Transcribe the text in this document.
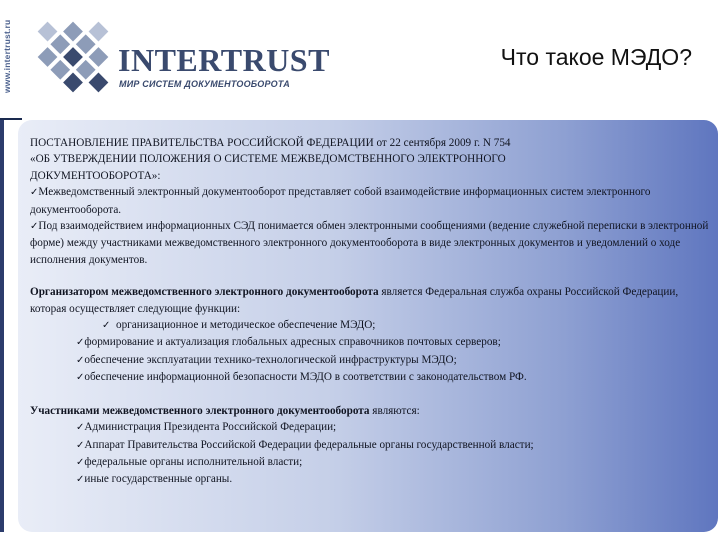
www.intertrust.ru	INTERTRUST
МИР СИСТЕМ ДОКУМЕНТООБОРОТА
Что такое МЭДО?

ПОСТАНОВЛЕНИЕ ПРАВИТЕЛЬСТВА РОССИЙСКОЙ ФЕДЕРАЦИИ от 22 сентября 2009 г. N 754

«ОБ УТВЕРЖДЕНИИ ПОЛОЖЕНИЯ О СИСТЕМЕ МЕЖВЕДОМСТВЕННОГО ЭЛЕКТРОННОГО

ДОКУМЕНТООБОРОТА»:

✓Межведомственный электронный документооборот представляет собой взаимодействие информационных систем электронного документооборота.

✓Под взаимодействием информационных СЭД понимается обмен электронными сообщениями (ведение служебной переписки в электронной форме) между участниками межведомственного электронного документооборота в виде электронных документов и уведомлений о ходе исполнения документов.

Организатором межведомственного электронного документооборота является Федеральная служба охраны Российской Федерации, которая осуществляет следующие функции:

✓ организационное и методическое обеспечение МЭДО;

✓формирование и актуализация глобальных адресных справочников почтовых серверов;

✓обеспечение эксплуатации технико-технологической инфраструктуры МЭДО;

✓обеспечение информационной безопасности МЭДО в соответствии с законодательством РФ.

Участниками межведомственного электронного документооборота являются:

✓Администрация Президента Российской Федерации;

✓Аппарат Правительства Российской Федерации федеральные органы государственной власти;

✓федеральные органы исполнительной власти;

✓иные государственные органы.
